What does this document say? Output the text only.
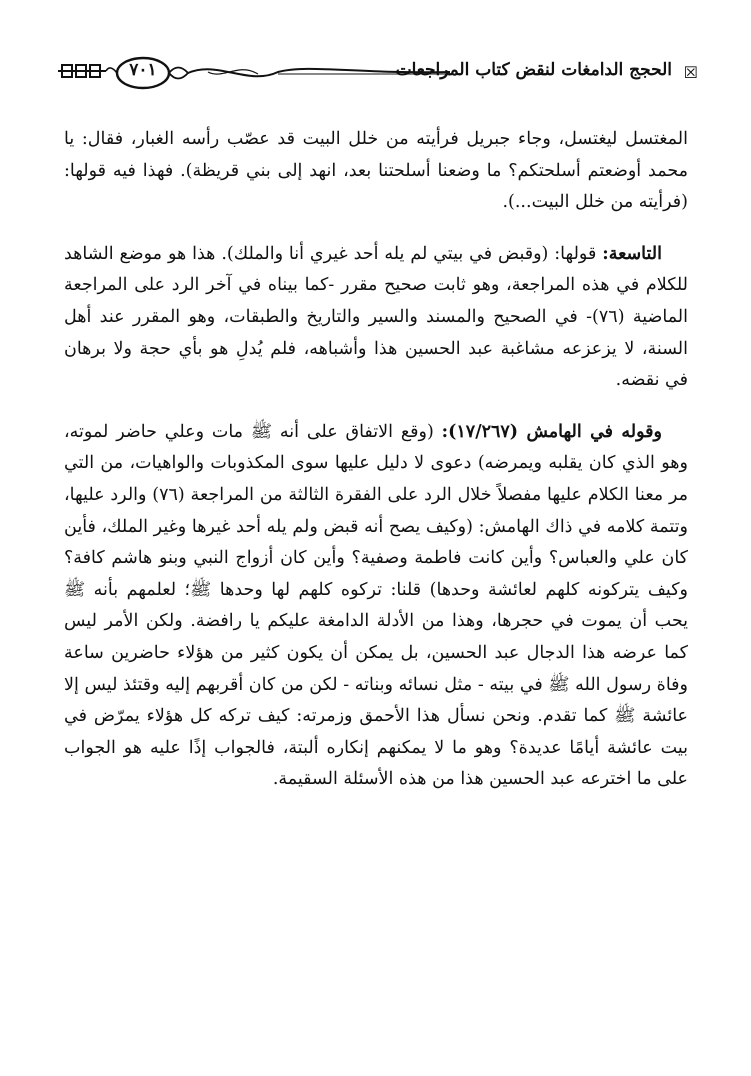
☒
الحجج الدامغات لنقض كتاب المراجعات
٧٠١

المغتسل ليغتسل، وجاء جبريل فرأيته من خلل البيت قد عصّب رأسه الغبار، فقال: يا محمد أوضعتم أسلحتكم؟ ما وضعنا أسلحتنا بعد، انهد إلى بني قريظة). فهذا فيه قولها: (فرأيته من خلل البيت...).

التاسعة: قولها: (وقبض في بيتي لم يله أحد غيري أنا والملك). هذا هو موضع الشاهد للكلام في هذه المراجعة، وهو ثابت صحيح مقرر -كما بيناه في آخر الرد على المراجعة الماضية (٧٦)- في الصحيح والمسند والسير والتاريخ والطبقات، وهو المقرر عند أهل السنة، لا يزعزعه مشاغبة عبد الحسين هذا وأشباهه، فلم يُدلِ هو بأي حجة ولا برهان في نقضه.

وقوله في الهامش (١٧/٢٦٧): (وقع الاتفاق على أنه ﷺ مات وعلي حاضر لموته، وهو الذي كان يقلبه ويمرضه) دعوى لا دليل عليها سوى المكذوبات والواهيات، من التي مر معنا الكلام عليها مفصلاً خلال الرد على الفقرة الثالثة من المراجعة (٧٦) والرد عليها، وتتمة كلامه في ذاك الهامش: (وكيف يصح أنه قبض ولم يله أحد غيرها وغير الملك، فأين كان علي والعباس؟ وأين كانت فاطمة وصفية؟ وأين كان أزواج النبي وبنو هاشم كافة؟ وكيف يتركونه كلهم لعائشة وحدها) قلنا: تركوه كلهم لها وحدها ﷺ؛ لعلمهم بأنه ﷺ يحب أن يموت في حجرها، وهذا من الأدلة الدامغة عليكم يا رافضة. ولكن الأمر ليس كما عرضه هذا الدجال عبد الحسين، بل يمكن أن يكون كثير من هؤلاء حاضرين ساعة وفاة رسول الله ﷺ في بيته - مثل نسائه وبناته - لكن من كان أقربهم إليه وقتئذ ليس إلا عائشة ﷺ كما تقدم. ونحن نسأل هذا الأحمق وزمرته: كيف تركه كل هؤلاء يمرّض في بيت عائشة أيامًا عديدة؟ وهو ما لا يمكنهم إنكاره ألبتة، فالجواب إذًا عليه هو الجواب على ما اخترعه عبد الحسين هذا من هذه الأسئلة السقيمة.
